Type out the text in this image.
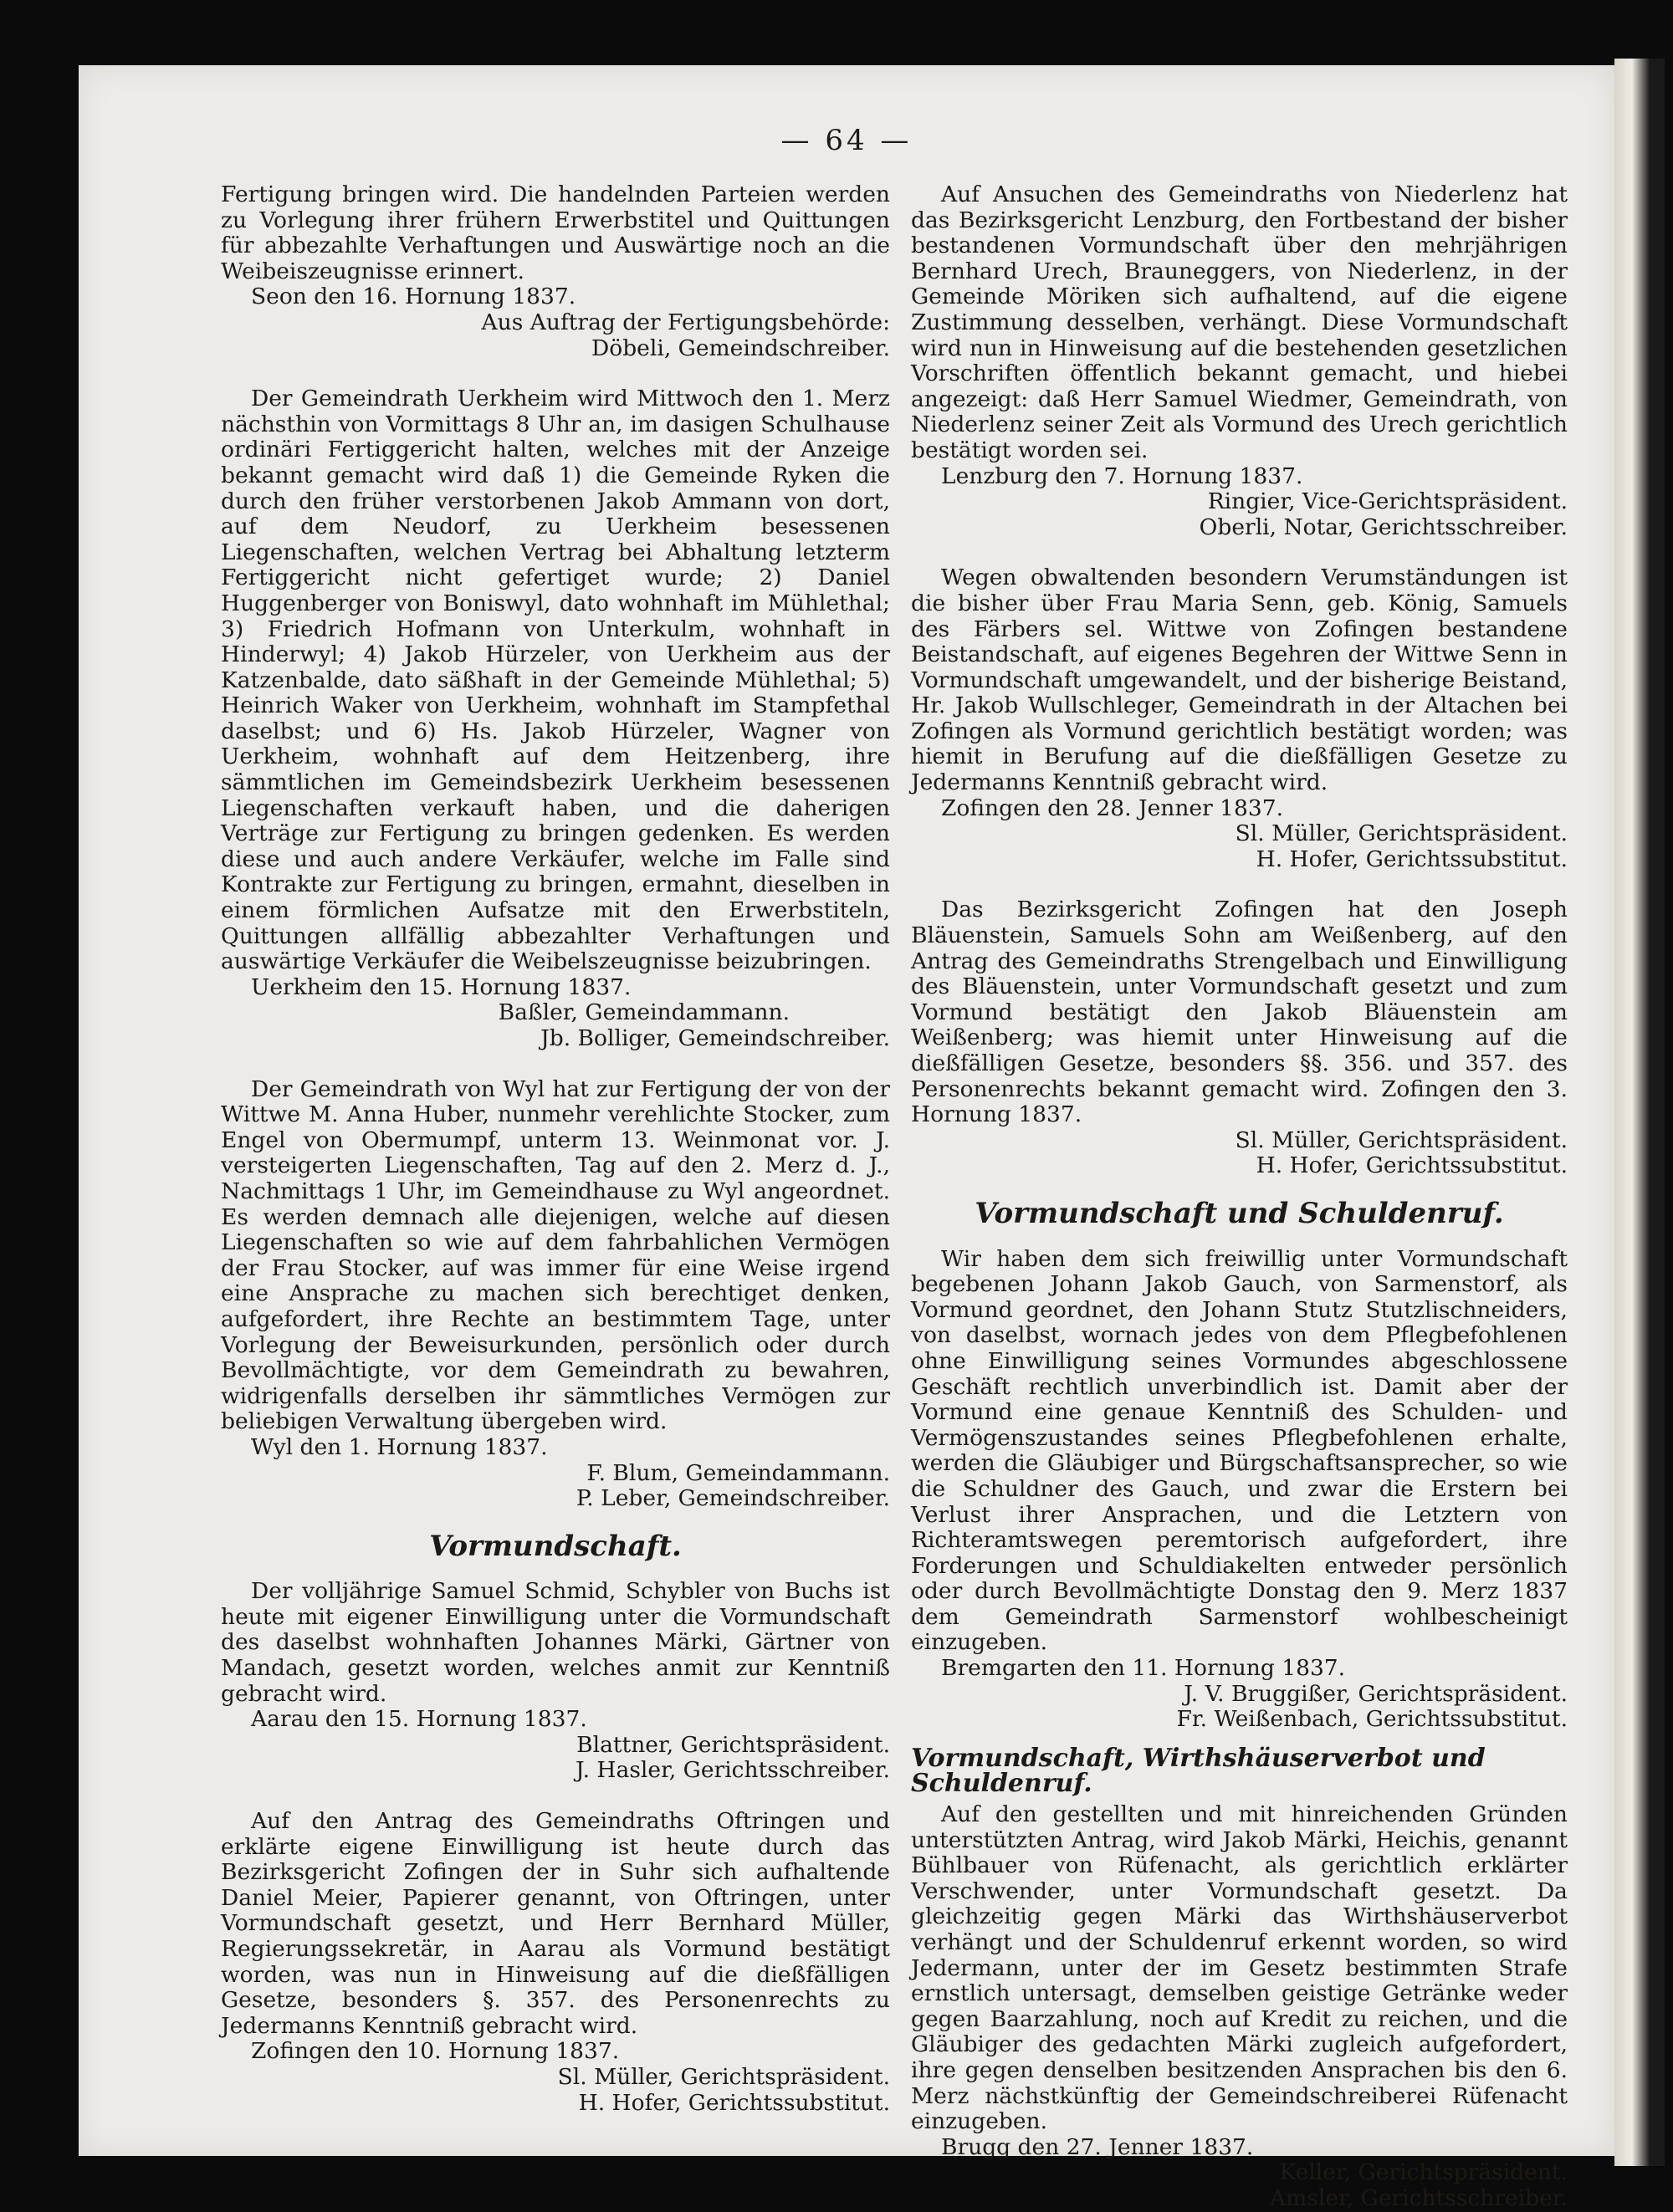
— 64 —

Fertigung bringen wird. Die handelnden Parteien werden zu Vorlegung ihrer frühern Erwerbstitel und Quittungen für abbezahlte Verhaftungen und Auswärtige noch an die Weibeiszeugnisse erinnert.

Seon den 16. Hornung 1837.

Aus Auftrag der Fertigungsbehörde:

Döbeli, Gemeindschreiber.

Der Gemeindrath Uerkheim wird Mittwoch den 1. Merz nächsthin von Vormittags 8 Uhr an, im dasigen Schulhause ordinäri Fertiggericht halten, welches mit der Anzeige bekannt gemacht wird daß 1) die Gemeinde Ryken die durch den früher verstorbenen Jakob Ammann von dort, auf dem Neudorf, zu Uerkheim besessenen Liegenschaften, welchen Vertrag bei Abhaltung letzterm Fertiggericht nicht gefertiget wurde; 2) Daniel Huggenberger von Boniswyl, dato wohnhaft im Mühlethal; 3) Friedrich Hofmann von Unterkulm, wohnhaft in Hinderwyl; 4) Jakob Hürzeler, von Uerkheim aus der Katzenbalde, dato säßhaft in der Gemeinde Mühlethal; 5) Heinrich Waker von Uerkheim, wohnhaft im Stampfethal daselbst; und 6) Hs. Jakob Hürzeler, Wagner von Uerkheim, wohnhaft auf dem Heitzenberg, ihre sämmtlichen im Gemeindsbezirk Uerkheim besessenen Liegenschaften verkauft haben, und die daherigen Verträge zur Fertigung zu bringen gedenken. Es werden diese und auch andere Verkäufer, welche im Falle sind Kontrakte zur Fertigung zu bringen, ermahnt, dieselben in einem förmlichen Aufsatze mit den Erwerbstiteln, Quittungen allfällig abbezahlter Verhaftungen und auswärtige Verkäufer die Weibelszeugnisse beizubringen.

Uerkheim den 15. Hornung 1837.

Baßler, Gemeindammann.

Jb. Bolliger, Gemeindschreiber.

Der Gemeindrath von Wyl hat zur Fertigung der von der Wittwe M. Anna Huber, nunmehr verehlichte Stocker, zum Engel von Obermumpf, unterm 13. Weinmonat vor. J. versteigerten Liegenschaften, Tag auf den 2. Merz d. J., Nachmittags 1 Uhr, im Gemeindhause zu Wyl angeordnet. Es werden demnach alle diejenigen, welche auf diesen Liegenschaften so wie auf dem fahrbahlichen Vermögen der Frau Stocker, auf was immer für eine Weise irgend eine Ansprache zu machen sich berechtiget denken, aufgefordert, ihre Rechte an bestimmtem Tage, unter Vorlegung der Beweisurkunden, persönlich oder durch Bevollmächtigte, vor dem Gemeindrath zu bewahren, widrigenfalls derselben ihr sämmtliches Vermögen zur beliebigen Verwaltung übergeben wird.

Wyl den 1. Hornung 1837.

F. Blum, Gemeindammann.

P. Leber, Gemeindschreiber.

Vormundschaft.

Der volljährige Samuel Schmid, Schybler von Buchs ist heute mit eigener Einwilligung unter die Vormundschaft des daselbst wohnhaften Johannes Märki, Gärtner von Mandach, gesetzt worden, welches anmit zur Kenntniß gebracht wird.

Aarau den 15. Hornung 1837.

Blattner, Gerichtspräsident.

J. Hasler, Gerichtsschreiber.

Auf den Antrag des Gemeindraths Oftringen und erklärte eigene Einwilligung ist heute durch das Bezirksgericht Zofingen der in Suhr sich aufhaltende Daniel Meier, Papierer genannt, von Oftringen, unter Vormundschaft gesetzt, und Herr Bernhard Müller, Regierungssekretär, in Aarau als Vormund bestätigt worden, was nun in Hinweisung auf die dießfälligen Gesetze, besonders §. 357. des Personenrechts zu Jedermanns Kenntniß gebracht wird.

Zofingen den 10. Hornung 1837.

Sl. Müller, Gerichtspräsident.

H. Hofer, Gerichtssubstitut.

Auf Ansuchen des Gemeindraths von Niederlenz hat das Bezirksgericht Lenzburg, den Fortbestand der bisher bestandenen Vormundschaft über den mehrjährigen Bernhard Urech, Brauneggers, von Niederlenz, in der Gemeinde Möriken sich aufhaltend, auf die eigene Zustimmung desselben, verhängt. Diese Vormundschaft wird nun in Hinweisung auf die bestehenden gesetzlichen Vorschriften öffentlich bekannt gemacht, und hiebei angezeigt: daß Herr Samuel Wiedmer, Gemeindrath, von Niederlenz seiner Zeit als Vormund des Urech gerichtlich bestätigt worden sei.

Lenzburg den 7. Hornung 1837.

Ringier, Vice-Gerichtspräsident.

Oberli, Notar, Gerichtsschreiber.

Wegen obwaltenden besondern Verumständungen ist die bisher über Frau Maria Senn, geb. König, Samuels des Färbers sel. Wittwe von Zofingen bestandene Beistandschaft, auf eigenes Begehren der Wittwe Senn in Vormundschaft umgewandelt, und der bisherige Beistand, Hr. Jakob Wullschleger, Gemeindrath in der Altachen bei Zofingen als Vormund gerichtlich bestätigt worden; was hiemit in Berufung auf die dießfälligen Gesetze zu Jedermanns Kenntniß gebracht wird.

Zofingen den 28. Jenner 1837.

Sl. Müller, Gerichtspräsident.

H. Hofer, Gerichtssubstitut.

Das Bezirksgericht Zofingen hat den Joseph Bläuenstein, Samuels Sohn am Weißenberg, auf den Antrag des Gemeindraths Strengelbach und Einwilligung des Bläuenstein, unter Vormundschaft gesetzt und zum Vormund bestätigt den Jakob Bläuenstein am Weißenberg; was hiemit unter Hinweisung auf die dießfälligen Gesetze, besonders §§. 356. und 357. des Personenrechts bekannt gemacht wird. Zofingen den 3. Hornung 1837.

Sl. Müller, Gerichtspräsident.

H. Hofer, Gerichtssubstitut.

Vormundschaft und Schuldenruf.

Wir haben dem sich freiwillig unter Vormundschaft begebenen Johann Jakob Gauch, von Sarmenstorf, als Vormund geordnet, den Johann Stutz Stutzlischneiders, von daselbst, wornach jedes von dem Pflegbefohlenen ohne Einwilligung seines Vormundes abgeschlossene Geschäft rechtlich unverbindlich ist. Damit aber der Vormund eine genaue Kenntniß des Schulden- und Vermögenszustandes seines Pflegbefohlenen erhalte, werden die Gläubiger und Bürgschaftsansprecher, so wie die Schuldner des Gauch, und zwar die Erstern bei Verlust ihrer Ansprachen, und die Letztern von Richteramtswegen peremtorisch aufgefordert, ihre Forderungen und Schuldiakelten entweder persönlich oder durch Bevollmächtigte Donstag den 9. Merz 1837 dem Gemeindrath Sarmenstorf wohlbescheinigt einzugeben.

Bremgarten den 11. Hornung 1837.

J. V. Bruggißer, Gerichtspräsident.

Fr. Weißenbach, Gerichtssubstitut.

Vormundschaft, Wirthshäuserverbot und Schuldenruf.

Auf den gestellten und mit hinreichenden Gründen unterstützten Antrag, wird Jakob Märki, Heichis, genannt Bühlbauer von Rüfenacht, als gerichtlich erklärter Verschwender, unter Vormundschaft gesetzt. Da gleichzeitig gegen Märki das Wirthshäuserverbot verhängt und der Schuldenruf erkennt worden, so wird Jedermann, unter der im Gesetz bestimmten Strafe ernstlich untersagt, demselben geistige Getränke weder gegen Baarzahlung, noch auf Kredit zu reichen, und die Gläubiger des gedachten Märki zugleich aufgefordert, ihre gegen denselben besitzenden Ansprachen bis den 6. Merz nächstkünftig der Gemeindschreiberei Rüfenacht einzugeben.

Brugg den 27. Jenner 1837.

Keller, Gerichtspräsident.

Amsler, Gerichtsschreiber.
